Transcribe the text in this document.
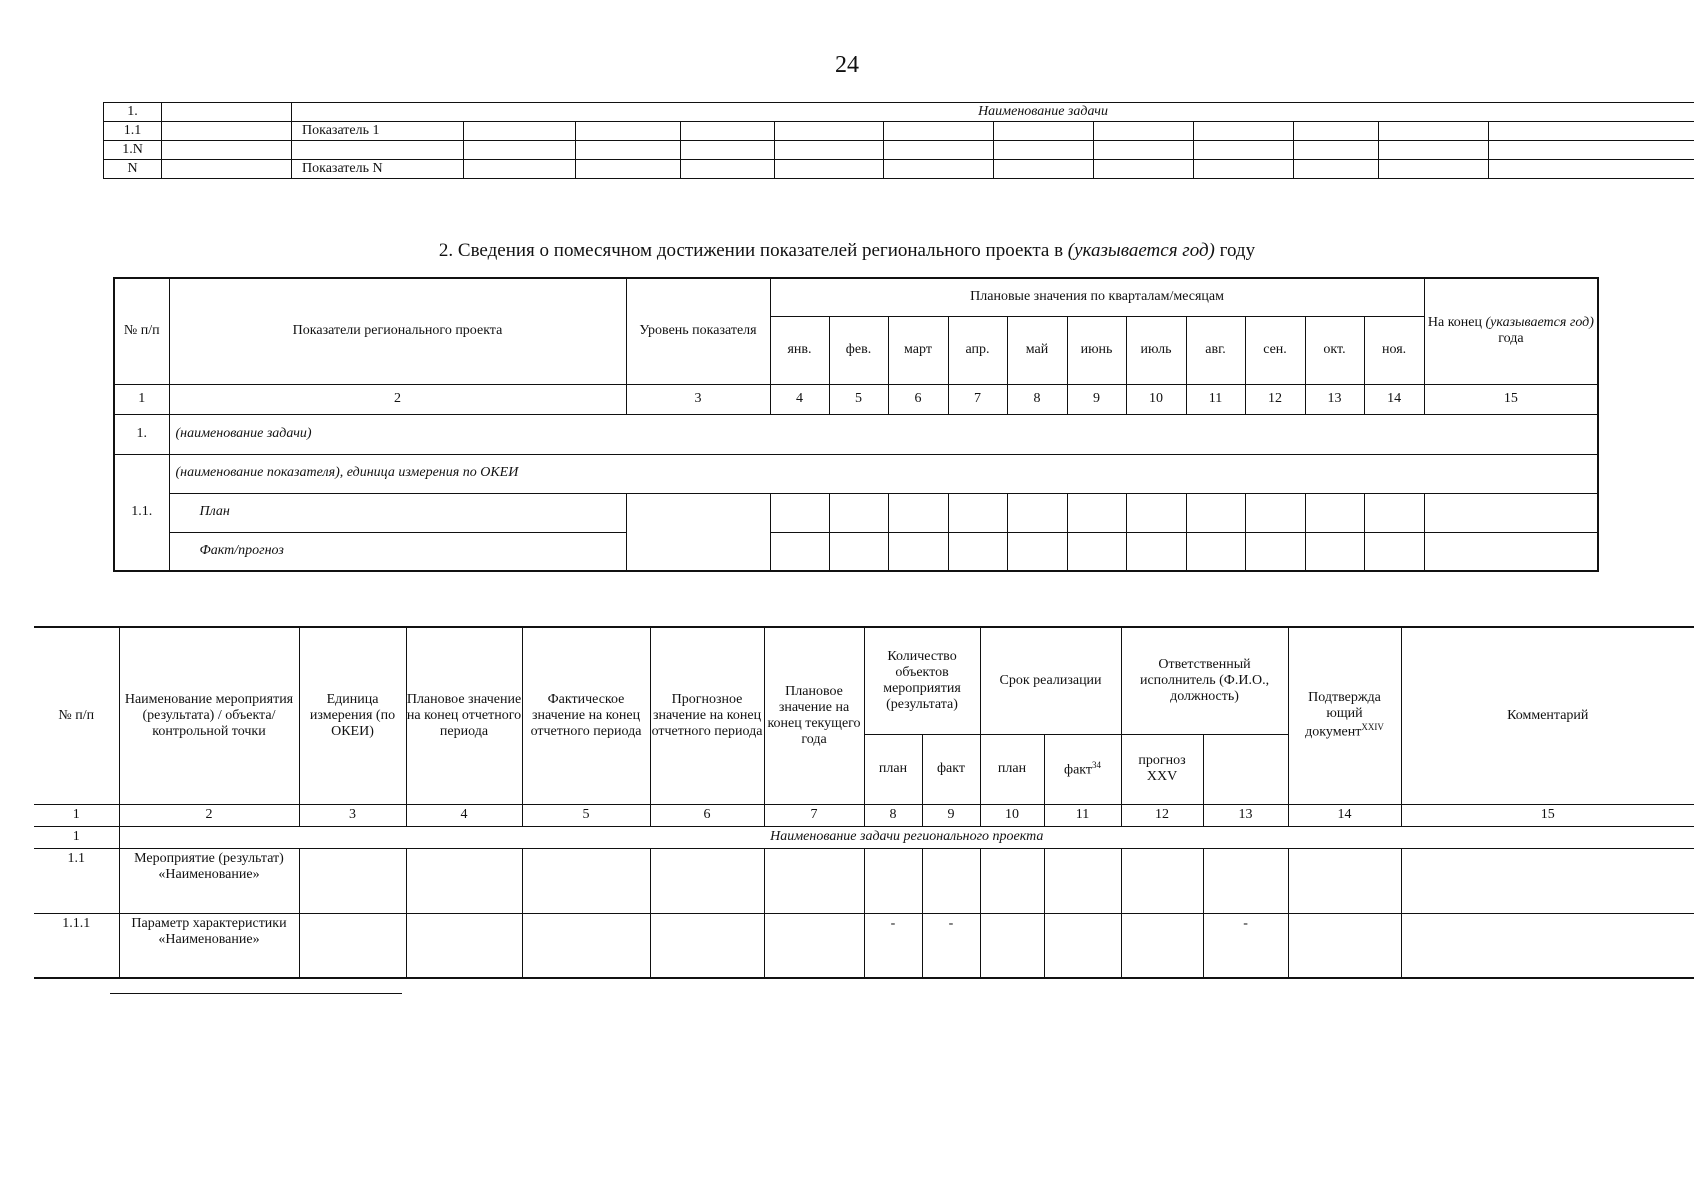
24
1.		Наименование задачи											
1.1		Показатель 1											
1.N													
N		Показатель N											
2. Сведения о помесячном достижении показателей регионального проекта в (указывается год) году
№ п/п	Показатели регионального проекта	Уровень показателя	Плановые значения по кварталам/месяцам											На конец (указывается год) года
			янв.	фев.	март	апр.	май	июнь	июль	авг.	сен.	окт.	ноя.	
1	2	3	4	5	6	7	8	9	10	11	12	13	14	15
1.	(наименование задачи)													
1.1.	(наименование показателя), единица измерения по ОКЕИ													
	План													
	Факт/прогноз													
№ п/п	Наименование мероприятия (результата) / объекта/ контрольной точки	Единица измерения (по ОКЕИ)	Плановое значение на конец отчетного периода	Фактическое значение на конец отчетного периода	Прогнозное значение на конец отчетного периода	Плановое значение на конец текущего года	Количество объектов мероприятия (результата)		Срок реализации		Ответственный исполнитель (Ф.И.О., должность)		Подтвержда ющий документ$^{XXIV}$	Комментарий
							план	факт	план	факт$^{34}$	прогноз XXV			
1	2	3	4	5	6	7	8	9	10	11	12	13	14	15
1	Наименование задачи регионального проекта													
1.1	Мероприятие (результат) «Наименование»													
1.1.1	Параметр характеристики «Наименование»						-	-				-		
